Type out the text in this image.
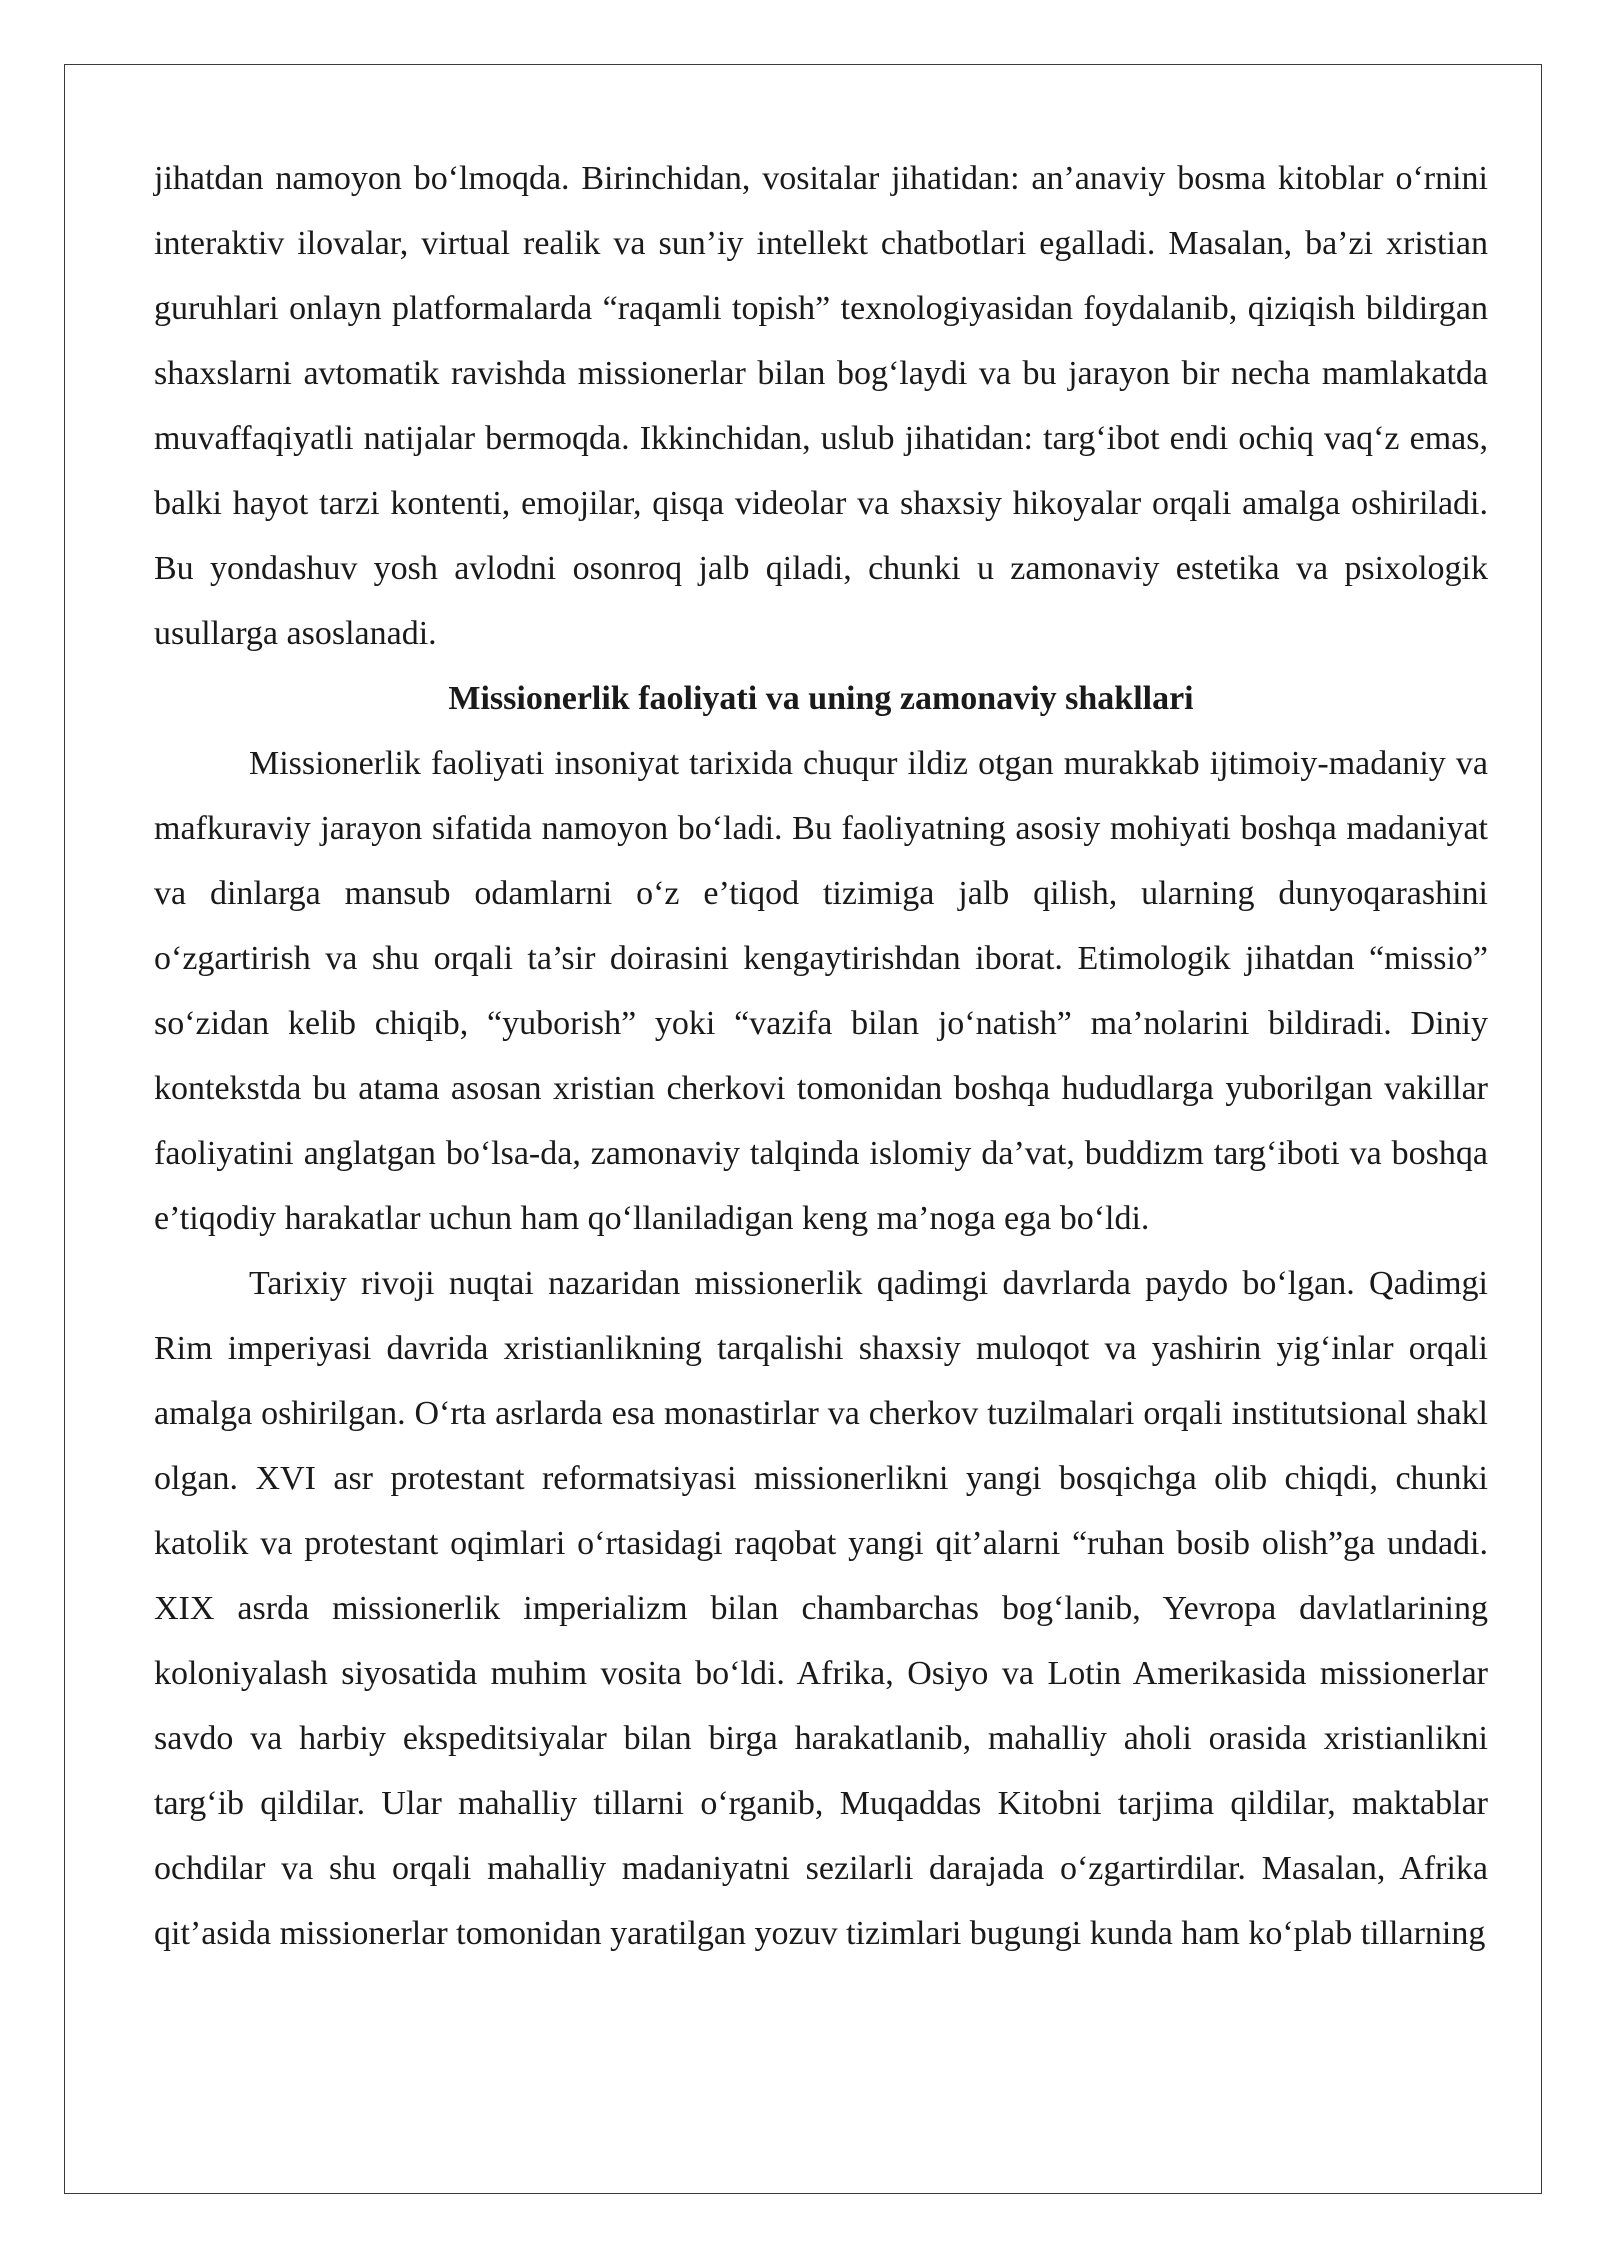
jihatdan namoyon bo‘lmoqda. Birinchidan, vositalar jihatidan: an’anaviy bosma kitoblar o‘rnini interaktiv ilovalar, virtual realik va sun’iy intellekt chatbotlari egalladi. Masalan, ba’zi xristian guruhlari onlayn platformalarda “raqamli topish” texnologiyasidan foydalanib, qiziqish bildirgan shaxslarni avtomatik ravishda missionerlar bilan bog‘laydi va bu jarayon bir necha mamlakatda muvaffaqiyatli natijalar bermoqda. Ikkinchidan, uslub jihatidan: targ‘ibot endi ochiq vaq‘z emas, balki hayot tarzi kontenti, emojilar, qisqa videolar va shaxsiy hikoyalar orqali amalga oshiriladi. Bu yondashuv yosh avlodni osonroq jalb qiladi, chunki u zamonaviy estetika va psixologik usullarga asoslanadi.

Missionerlik faoliyati va uning zamonaviy shakllari

Missionerlik faoliyati insoniyat tarixida chuqur ildiz otgan murakkab ijtimoiy-madaniy va mafkuraviy jarayon sifatida namoyon bo‘ladi. Bu faoliyatning asosiy mohiyati boshqa madaniyat va dinlarga mansub odamlarni o‘z e’tiqod tizimiga jalb qilish, ularning dunyoqarashini o‘zgartirish va shu orqali ta’sir doirasini kengaytirishdan iborat. Etimologik jihatdan “missio” so‘zidan kelib chiqib, “yuborish” yoki “vazifa bilan jo‘natish” ma’nolarini bildiradi. Diniy kontekstda bu atama asosan xristian cherkovi tomonidan boshqa hududlarga yuborilgan vakillar faoliyatini anglatgan bo‘lsa-da, zamonaviy talqinda islomiy da’vat, buddizm targ‘iboti va boshqa e’tiqodiy harakatlar uchun ham qo‘llaniladigan keng ma’noga ega bo‘ldi.

Tarixiy rivoji nuqtai nazaridan missionerlik qadimgi davrlarda paydo bo‘lgan. Qadimgi Rim imperiyasi davrida xristianlikning tarqalishi shaxsiy muloqot va yashirin yig‘inlar orqali amalga oshirilgan. O‘rta asrlarda esa monastirlar va cherkov tuzilmalari orqali institutsional shakl olgan. XVI asr protestant reformatsiyasi missionerlikni yangi bosqichga olib chiqdi, chunki katolik va protestant oqimlari o‘rtasidagi raqobat yangi qit’alarni “ruhan bosib olish”ga undadi. XIX asrda missionerlik imperializm bilan chambarchas bog‘lanib, Yevropa davlatlarining koloniyalash siyosatida muhim vosita bo‘ldi. Afrika, Osiyo va Lotin Amerikasida missionerlar savdo va harbiy ekspeditsiyalar bilan birga harakatlanib, mahalliy aholi orasida xristianlikni targ‘ib qildilar. Ular mahalliy tillarni o‘rganib, Muqaddas Kitobni tarjima qildilar, maktablar ochdilar va shu orqali mahalliy madaniyatni sezilarli darajada o‘zgartirdilar. Masalan, Afrika qit’asida missionerlar tomonidan yaratilgan yozuv tizimlari bugungi kunda ham ko‘plab tillarning
